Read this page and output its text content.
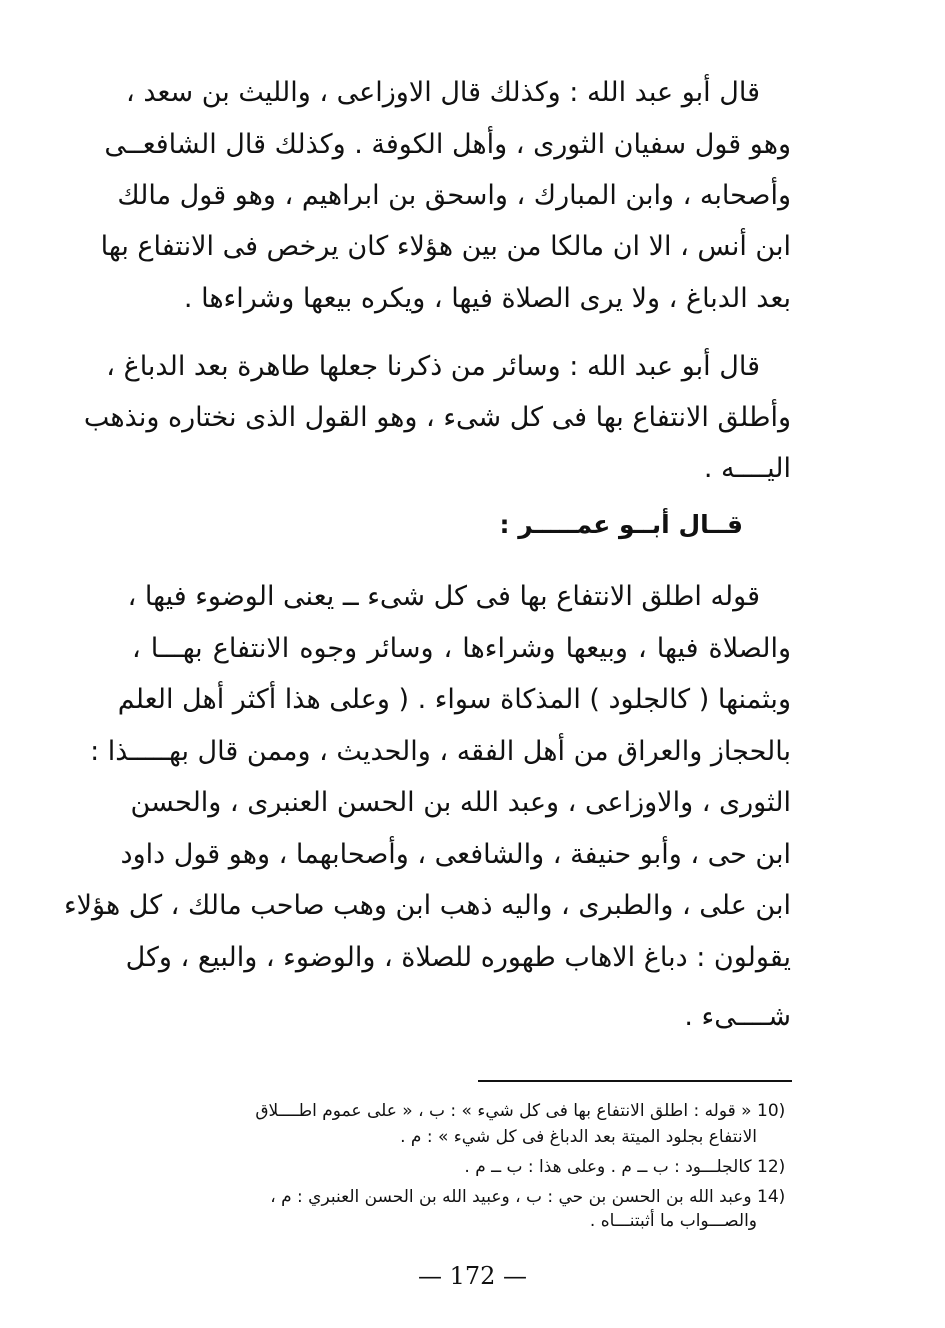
قال أبو عبد الله : وكذلك قال الاوزاعى ، والليث بن سعد ،
وهو قول سفيان الثورى ، وأهل الكوفة . وكذلك قال الشافعــى
وأصحابه ، وابن المبارك ، واسحق بن ابراهيم ، وهو قول مالك
ابن أنس ، الا ان مالكا من بين هؤلاء كان يرخص فى الانتفاع بها
بعد الدباغ ، ولا يرى الصلاة فيها ، ويكره بيعها وشراءها .
قال أبو عبد الله : وسائر من ذكرنا جعلها طاهرة بعد الدباغ ،
وأطلق الانتفاع بها فى كل شىء ، وهو القول الذى نختاره ونذهب
اليــــه .
قــال أبــو عمـــــر :
قوله اطلق الانتفاع بها فى كل شىء ــ يعنى الوضوء فيها ،
والصلاة فيها ، وبيعها وشراءها ، وسائر وجوه الانتفاع بهـــا ،
وبثمنها ( كالجلود ) المذكاة سواء . ( وعلى هذا أكثر أهل العلم
بالحجاز والعراق من أهل الفقه ، والحديث ، وممن قال بهـــــذا :
الثورى ، والاوزاعى ، وعبد الله بن الحسن العنبرى ، والحسن
ابن حى ، وأبو حنيفة ، والشافعى ، وأصحابهما ، وهو قول داود
ابن على ، والطبرى ، واليه ذهب ابن وهب صاحب مالك ، كل هؤلاء
يقولون : دباغ الاهاب طهوره للصلاة ، والوضوء ، والبيع ، وكل
شــــىء .
10) « قوله : اطلق الانتفاع بها فى كل شيء » : ب ، « على عموم اطــــلاق
الانتفاع بجلود الميتة بعد الدباغ فى كل شيء » : م .
12) كالجلـــود : ب ــ م . وعلى هذا : ب ــ م .
14) وعبد الله بن الحسن بن حي : ب ، وعبيد الله بن الحسن العنبري : م ،
والصـــواب ما أثبتنـــاه .
— 172 —
